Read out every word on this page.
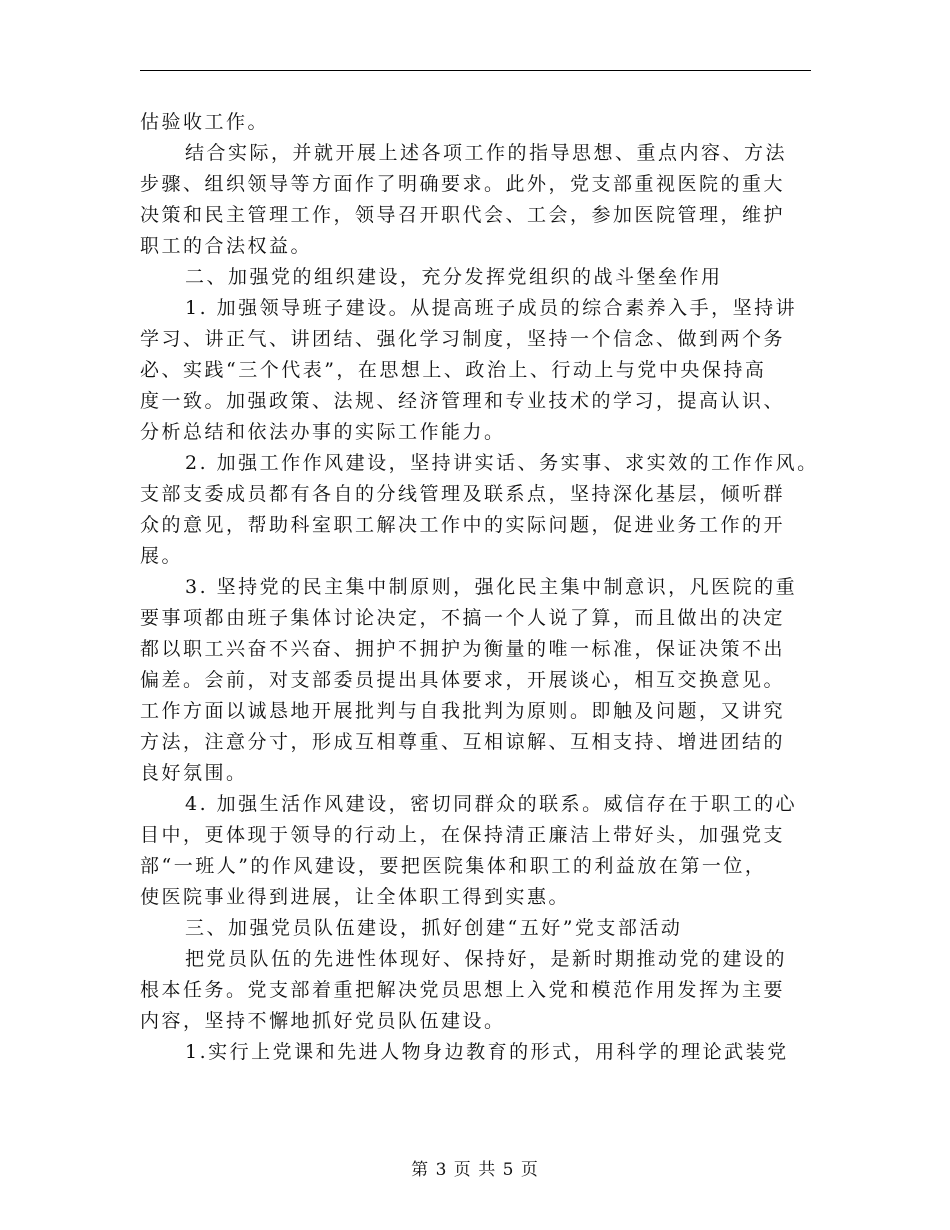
估验收工作。
结合实际，并就开展上述各项工作的指导思想、重点内容、方法
步骤、组织领导等方面作了明确要求。此外，党支部重视医院的重大
决策和民主管理工作，领导召开职代会、工会，参加医院管理，维护
职工的合法权益。
二、加强党的组织建设，充分发挥党组织的战斗堡垒作用
1. 加强领导班子建设。从提高班子成员的综合素养入手，坚持讲
学习、讲正气、讲团结、强化学习制度，坚持一个信念、做到两个务
必、实践“三个代表”，在思想上、政治上、行动上与党中央保持高
度一致。加强政策、法规、经济管理和专业技术的学习，提高认识、
分析总结和依法办事的实际工作能力。
2. 加强工作作风建设，坚持讲实话、务实事、求实效的工作作风。
支部支委成员都有各自的分线管理及联系点，坚持深化基层，倾听群
众的意见，帮助科室职工解决工作中的实际问题，促进业务工作的开
展。
3. 坚持党的民主集中制原则，强化民主集中制意识，凡医院的重
要事项都由班子集体讨论决定，不搞一个人说了算，而且做出的决定
都以职工兴奋不兴奋、拥护不拥护为衡量的唯一标准，保证决策不出
偏差。会前，对支部委员提出具体要求，开展谈心，相互交换意见。
工作方面以诚恳地开展批判与自我批判为原则。即触及问题，又讲究
方法，注意分寸，形成互相尊重、互相谅解、互相支持、增进团结的
良好氛围。
4. 加强生活作风建设，密切同群众的联系。威信存在于职工的心
目中，更体现于领导的行动上，在保持清正廉洁上带好头，加强党支
部“一班人”的作风建设，要把医院集体和职工的利益放在第一位，
使医院事业得到进展，让全体职工得到实惠。
三、加强党员队伍建设，抓好创建“五好”党支部活动
把党员队伍的先进性体现好、保持好，是新时期推动党的建设的
根本任务。党支部着重把解决党员思想上入党和模范作用发挥为主要
内容，坚持不懈地抓好党员队伍建设。
1.实行上党课和先进人物身边教育的形式，用科学的理论武装党
第 3 页 共 5 页
